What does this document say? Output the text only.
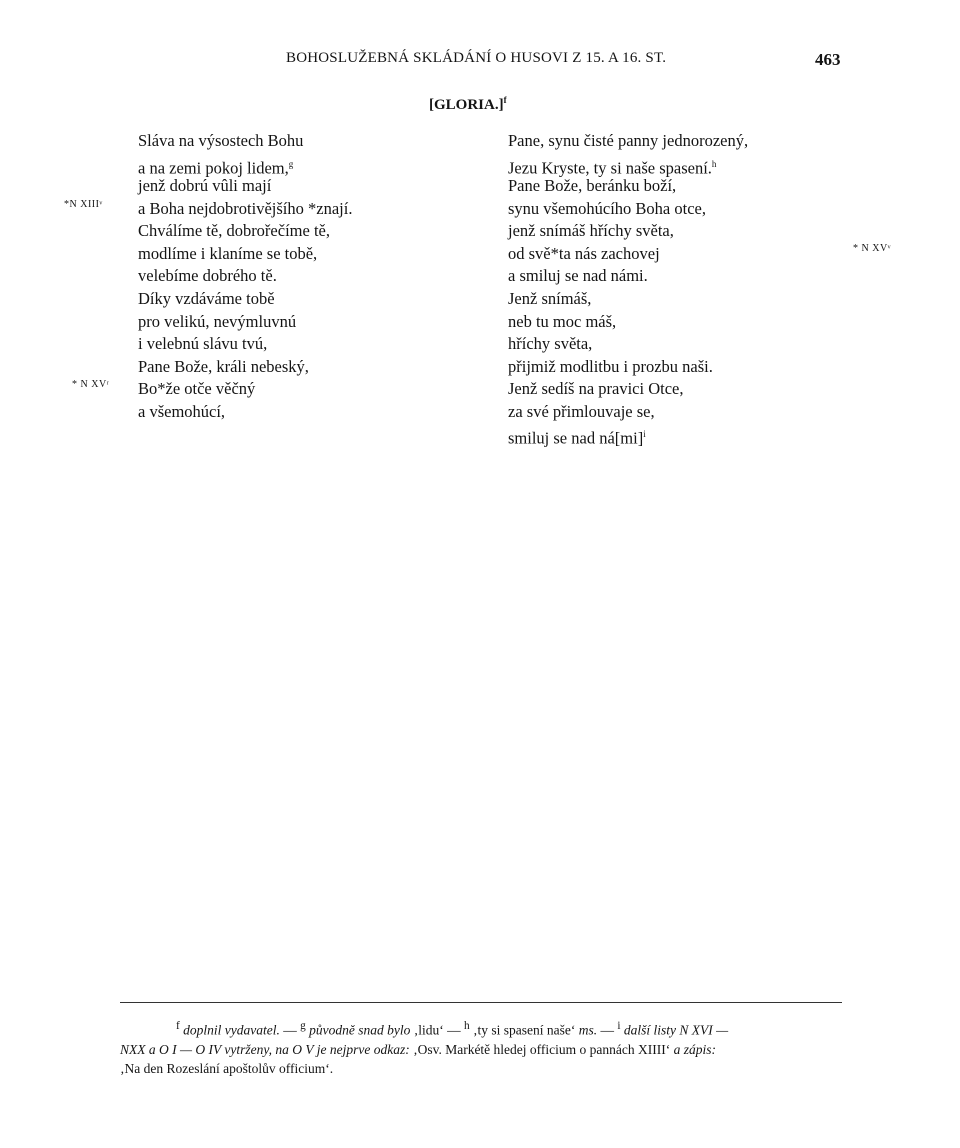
BOHOSLUŽEBNÁ SKLÁDÁNÍ O HUSOVI Z 15. A 16. ST.	463
[GLORIA.]$^f$
Sláva na výsostech Bohu
a na zemi pokoj lidem,$^g$
jenž dobrú vûli mají
a Boha nejdobrotivějšího *znají.
Chválíme tě, dobrořečíme tě,
modlíme i klaníme se tobě,
velebíme dobrého tě.
Díky vzdáváme tobě
pro velikú, nevýmluvnú
i velebnú slávu tvú,
Pane Bože, králi nebeský,
Bo*že otče věčný
a všemohúcí,
Pane, synu čisté panny jednorozený,
Jezu Kryste, ty si naše spasení.$^h$
Pane Bože, beránku boží,
synu všemohúcího Boha otce,
jenž snímáš hříchy světa,
od svě*ta nás zachovej
a smiluj se nad námi.
Jenž snímáš,
neb tu moc máš,
hříchy světa,
přijmiž modlitbu i prozbu naši.
Jenž sedíš na pravici Otce,
za své přimlouvaje se,
smiluj se nad ná[mi]$^i$
*N XIIIᵛ
* N XVʳ
* N XVᵛ
$^f$ doplnil vydavatel. — $^g$ původně snad bylo ‚lidu‘ — $^h$ ‚ty si spasení naše‘ ms. — $^i$ další listy N XVI —
NXX a O I — O IV vytrženy, na O V je nejprve odkaz: ‚Osv. Markétě hledej officium o pannách XIIII‘ a zápis:
‚Na den Rozeslání apoštolův officium‘.
